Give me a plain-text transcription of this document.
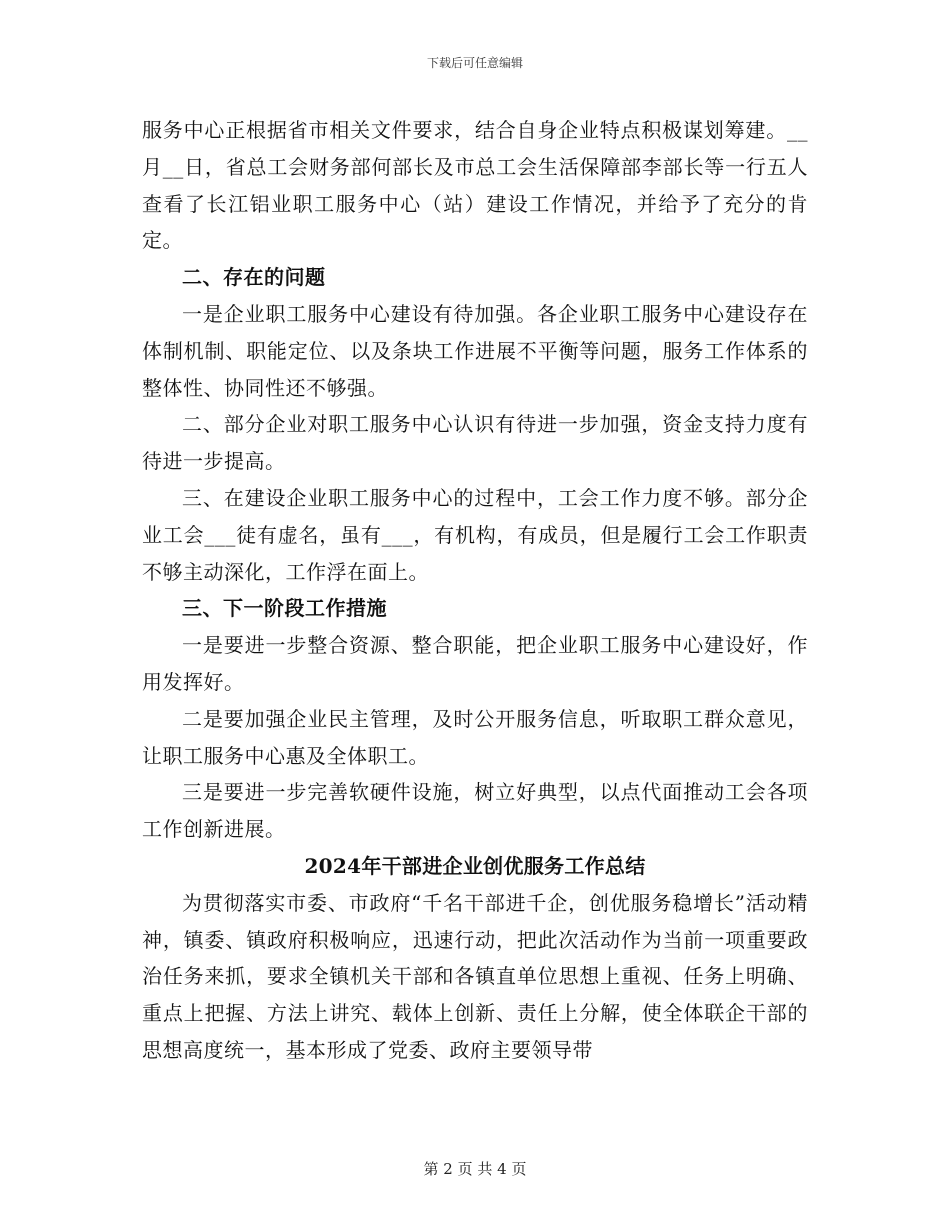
下载后可任意编辑

服务中心正根据省市相关文件要求，结合自身企业特点积极谋划筹建。__月__日，省总工会财务部何部长及市总工会生活保障部李部长等一行五人查看了长江铝业职工服务中心（站）建设工作情况，并给予了充分的肯定。

二、存在的问题

一是企业职工服务中心建设有待加强。各企业职工服务中心建设存在体制机制、职能定位、以及条块工作进展不平衡等问题，服务工作体系的整体性、协同性还不够强。

二、部分企业对职工服务中心认识有待进一步加强，资金支持力度有待进一步提高。

三、在建设企业职工服务中心的过程中，工会工作力度不够。部分企业工会___徒有虚名，虽有___，有机构，有成员，但是履行工会工作职责不够主动深化，工作浮在面上。

三、下一阶段工作措施

一是要进一步整合资源、整合职能，把企业职工服务中心建设好，作用发挥好。

二是要加强企业民主管理，及时公开服务信息，听取职工群众意见，让职工服务中心惠及全体职工。

三是要进一步完善软硬件设施，树立好典型，以点代面推动工会各项工作创新进展。

2024年干部进企业创优服务工作总结

为贯彻落实市委、市政府“千名干部进千企，创优服务稳增长”活动精神，镇委、镇政府积极响应，迅速行动，把此次活动作为当前一项重要政治任务来抓，要求全镇机关干部和各镇直单位思想上重视、任务上明确、重点上把握、方法上讲究、载体上创新、责任上分解，使全体联企干部的思想高度统一，基本形成了党委、政府主要领导带

第 2 页 共 4 页
